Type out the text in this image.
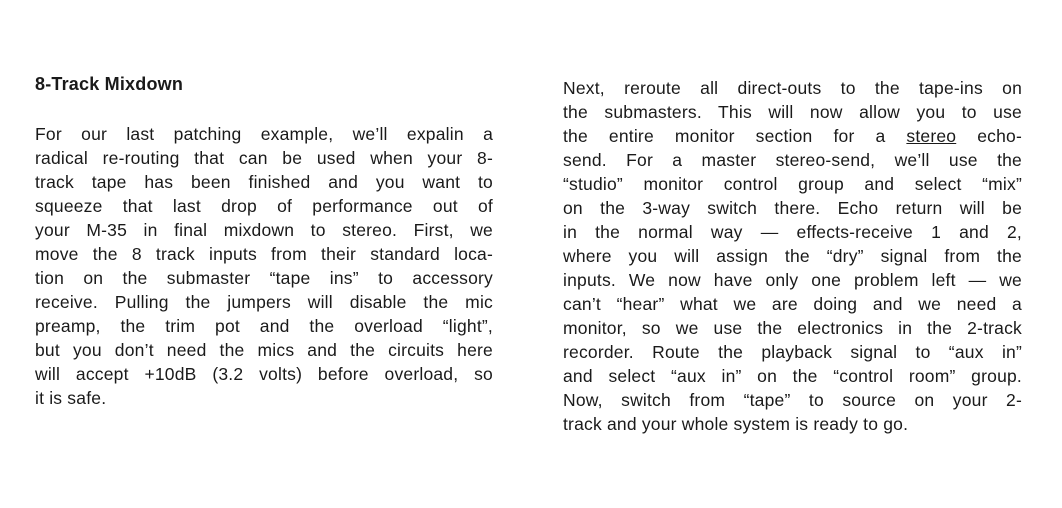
8-Track Mixdown
For our last patching example, we’ll expalin a
radical re-routing that can be used when your 8-
track tape has been finished and you want to
squeeze that last drop of performance out of
your M-35 in final mixdown to stereo. First, we
move the 8 track inputs from their standard loca-
tion on the submaster “tape ins” to accessory
receive. Pulling the jumpers will disable the mic
preamp, the trim pot and the overload “light”,
but you don’t need the mics and the circuits here
will accept +10dB (3.2 volts) before overload, so
it is safe.
Next, reroute all direct-outs to the tape-ins on
the submasters. This will now allow you to use
the entire monitor section for a stereo echo-
send. For a master stereo-send, we’ll use the
“studio” monitor control group and select “mix”
on the 3-way switch there. Echo return will be
in the normal way — effects-receive 1 and 2,
where you will assign the “dry” signal from the
inputs. We now have only one problem left — we
can’t “hear” what we are doing and we need a
monitor, so we use the electronics in the 2-track
recorder. Route the playback signal to “aux in”
and select “aux in” on the “control room” group.
Now, switch from “tape” to source on your 2-
track and your whole system is ready to go.
